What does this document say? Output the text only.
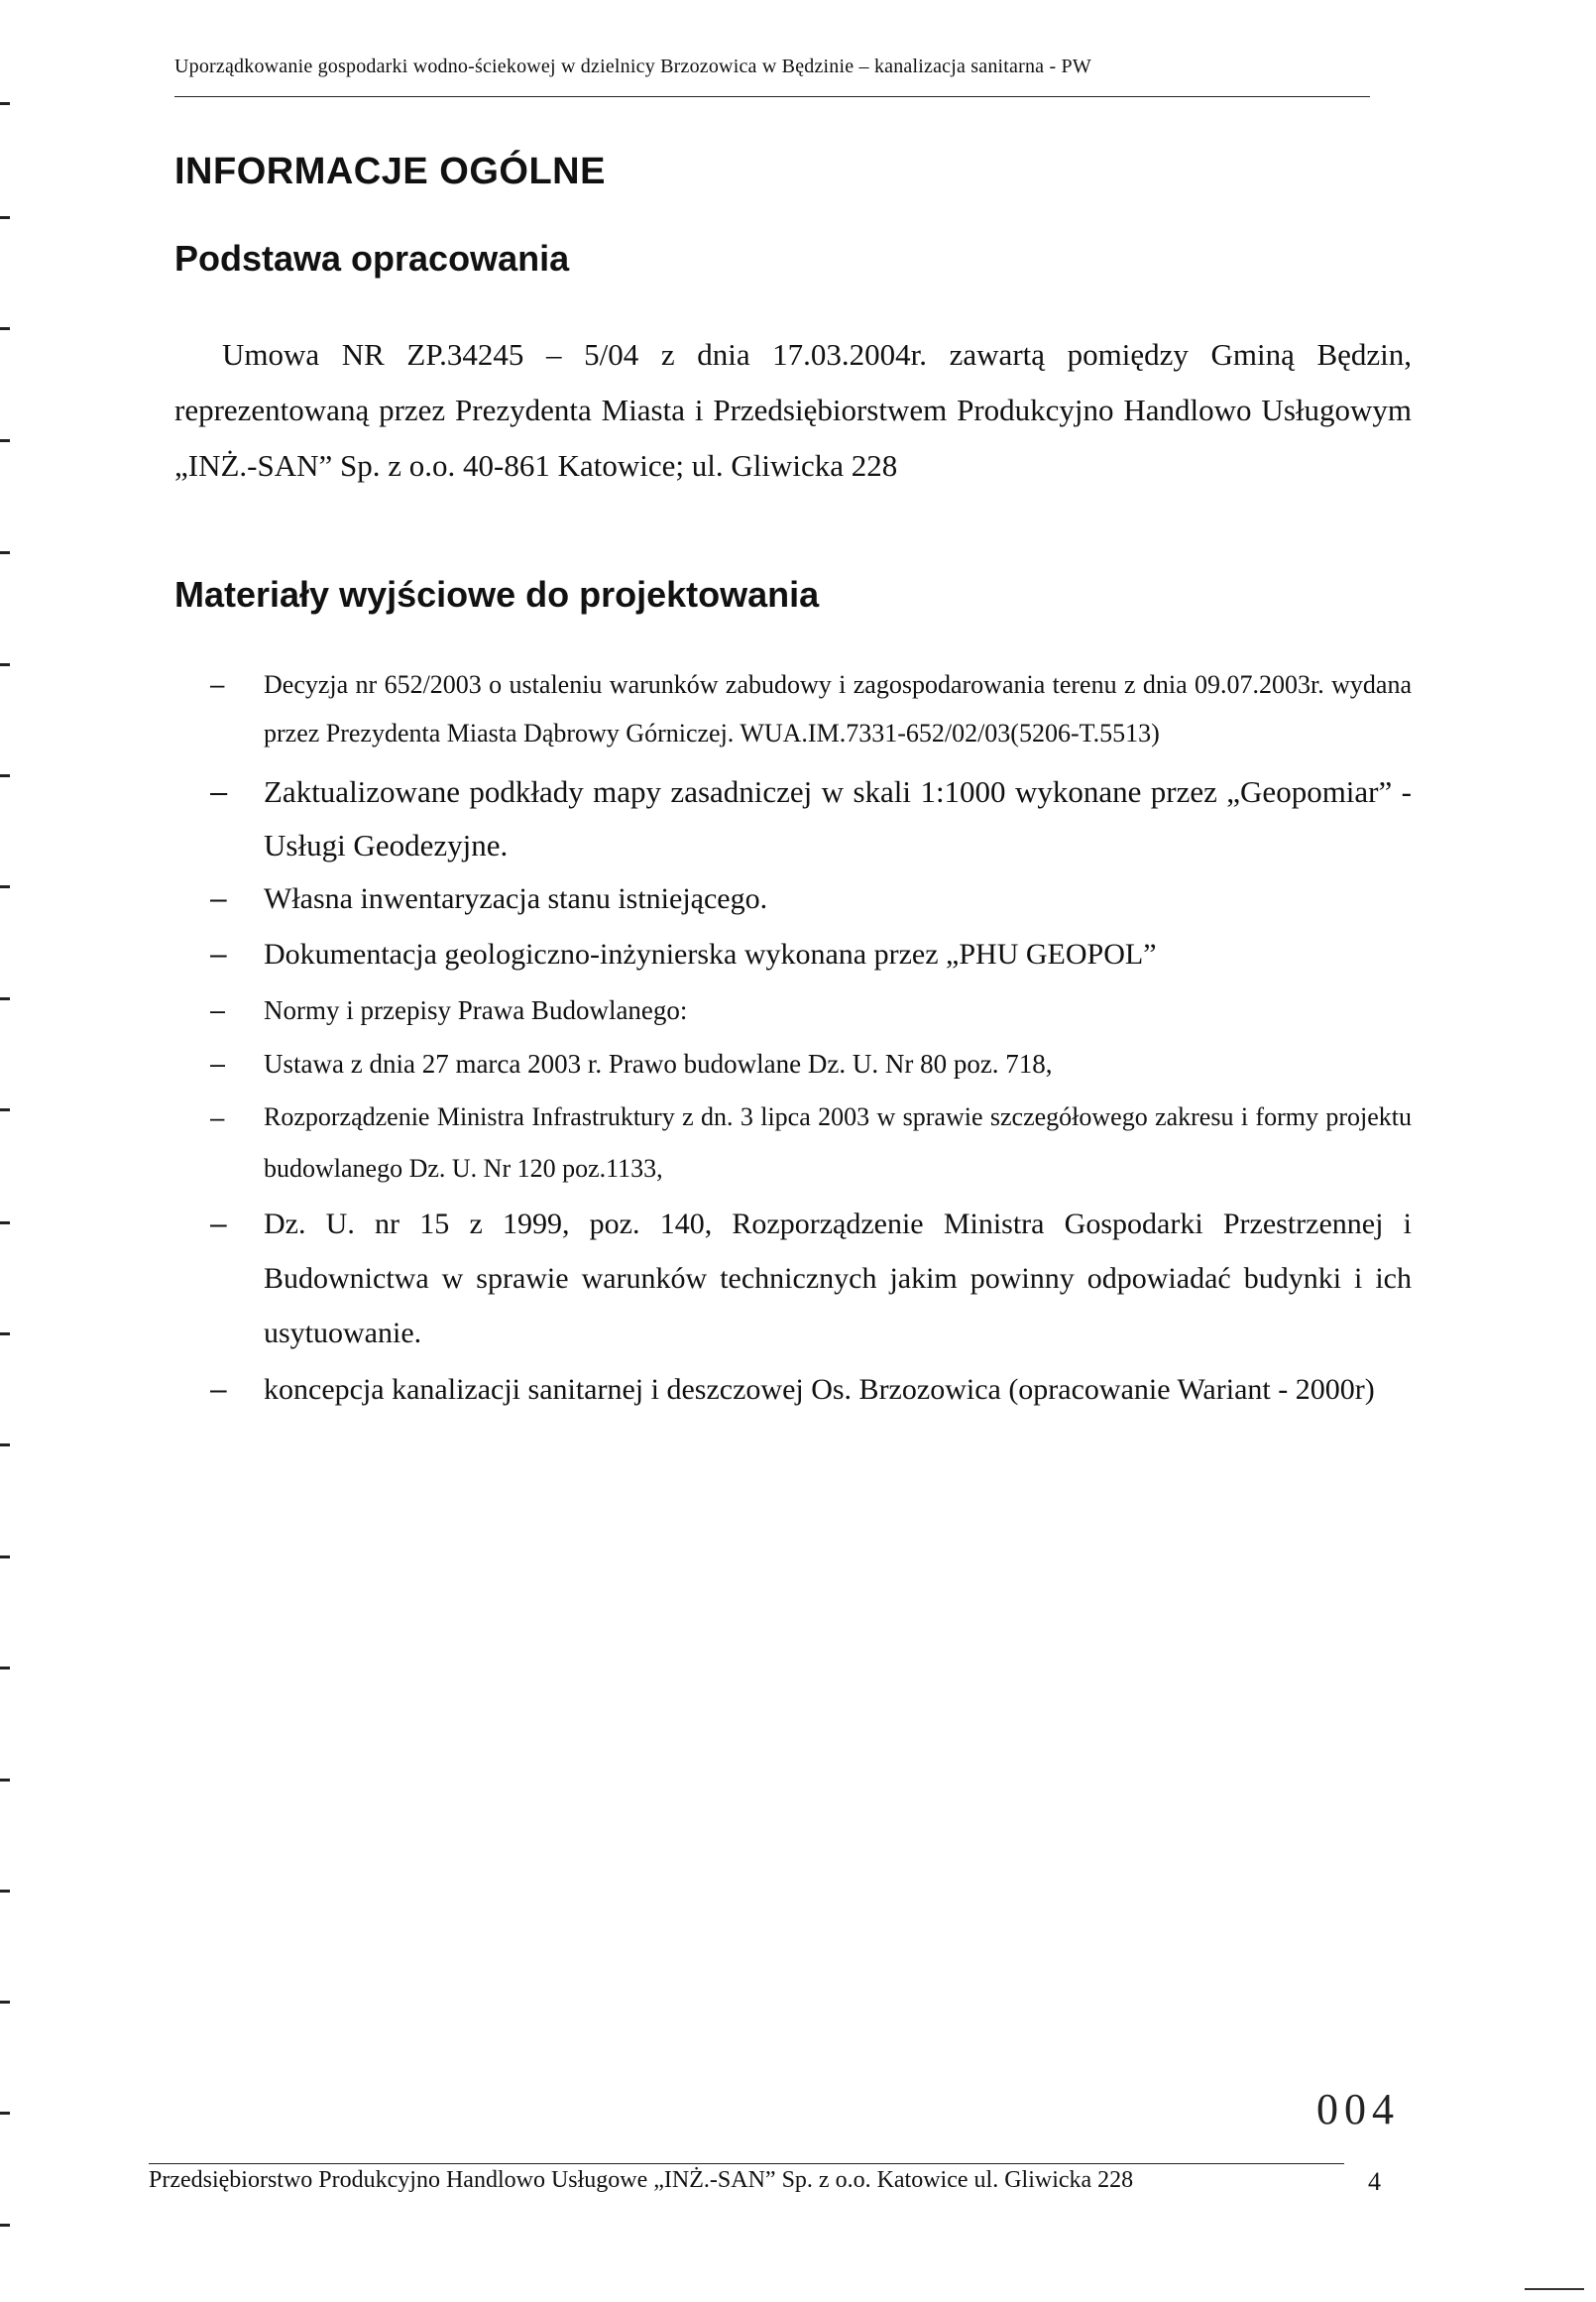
Uporządkowanie gospodarki wodno-ściekowej w dzielnicy Brzozowica w Będzinie – kanalizacja sanitarna - PW
INFORMACJE OGÓLNE
Podstawa opracowania

Umowa NR ZP.34245 – 5/04 z dnia 17.03.2004r. zawartą pomiędzy Gminą Będzin, reprezentowaną przez Prezydenta Miasta i Przedsiębiorstwem Produkcyjno Handlowo Usługowym „INŻ.-SAN” Sp. z o.o. 40-861 Katowice; ul. Gliwicka 228

Materiały wyjściowe do projektowania
– Decyzja nr 652/2003 o ustaleniu warunków zabudowy i zagospodarowania terenu z dnia 09.07.2003r. wydana przez Prezydenta Miasta Dąbrowy Górniczej. WUA.IM.7331-652/02/03(5206-T.5513)
– Zaktualizowane podkłady mapy zasadniczej w skali 1:1000 wykonane przez „Geopomiar” - Usługi Geodezyjne.
– Własna inwentaryzacja stanu istniejącego.
– Dokumentacja geologiczno-inżynierska wykonana przez „PHU GEOPOL”
– Normy i przepisy Prawa Budowlanego:
– Ustawa z dnia 27 marca 2003 r. Prawo budowlane Dz. U. Nr 80 poz. 718,
– Rozporządzenie Ministra Infrastruktury z dn. 3 lipca 2003 w sprawie szczegółowego zakresu i formy projektu budowlanego Dz. U. Nr 120 poz.1133,
– Dz. U. nr 15 z 1999, poz. 140, Rozporządzenie Ministra Gospodarki Przestrzennej i Budownictwa w sprawie warunków technicznych jakim powinny odpowiadać budynki i ich usytuowanie.
– koncepcja kanalizacji sanitarnej i deszczowej Os. Brzozowica (opracowanie Wariant - 2000r)
004
Przedsiębiorstwo Produkcyjno Handlowo Usługowe „INŻ.-SAN” Sp. z o.o. Katowice ul. Gliwicka 228	4
